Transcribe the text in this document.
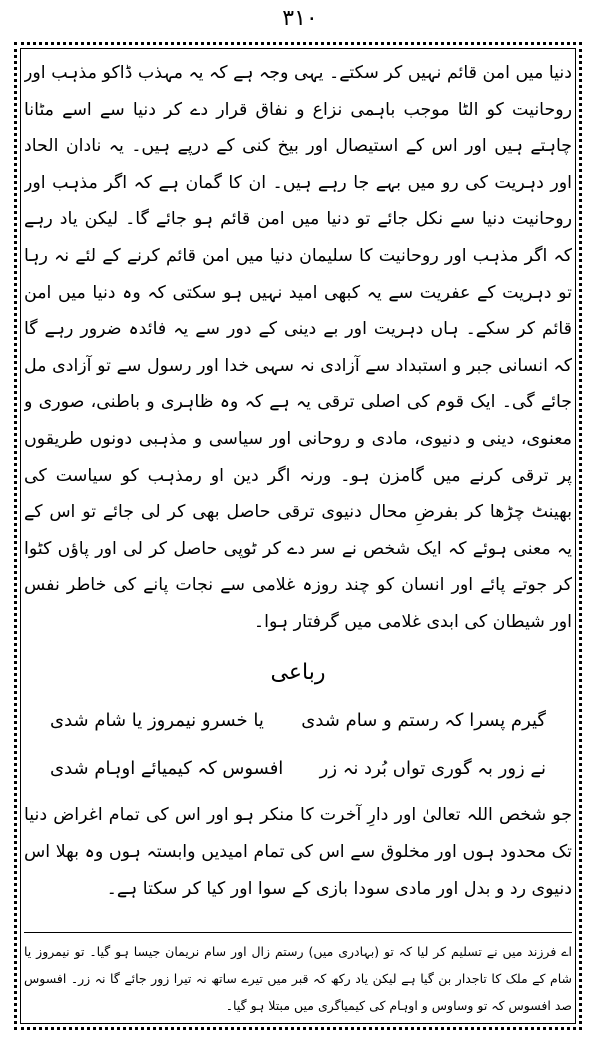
۳۱۰

دنیا میں امن قائم نہیں کر سکتے۔ یہی وجہ ہے کہ یہ مہذب ڈاکو مذہب اور روحانیت کو الٹا موجب باہمی نزاع و نفاق قرار دے کر دنیا سے اسے مٹانا چاہتے ہیں اور اس کے استیصال اور بیخ کنی کے درپے ہیں۔ یہ نادان الحاد اور دہریت کی رو میں بہے جا رہے ہیں۔ ان کا گمان ہے کہ اگر مذہب اور روحانیت دنیا سے نکل جائے تو دنیا میں امن قائم ہو جائے گا۔ لیکن یاد رہے کہ اگر مذہب اور روحانیت کا سلیمان دنیا میں امن قائم کرنے کے لئے نہ رہا تو دہریت کے عفریت سے یہ کبھی امید نہیں ہو سکتی کہ وہ دنیا میں امن قائم کر سکے۔ ہاں دہریت اور بے دینی کے دور سے یہ فائدہ ضرور رہے گا کہ انسانی جبر و استبداد سے آزادی نہ سہی خدا اور رسول سے تو آزادی مل جائے گی۔ ایک قوم کی اصلی ترقی یہ ہے کہ وہ ظاہری و باطنی، صوری و معنوی، دینی و دنیوی، مادی و روحانی اور سیاسی و مذہبی دونوں طریقوں پر ترقی کرنے میں گامزن ہو۔ ورنہ اگر دین او رمذہب کو سیاست کی بھینٹ چڑھا کر بفرضِ محال دنیوی ترقی حاصل بھی کر لی جائے تو اس کے یہ معنی ہوئے کہ ایک شخص نے سر دے کر ٹوپی حاصل کر لی اور پاؤں کٹوا کر جوتے پائے اور انسان کو چند روزہ غلامی سے نجات پانے کی خاطر نفس اور شیطان کی ابدی غلامی میں گرفتار ہوا۔

رباعی
گیرم پسرا کہ رستم و سام شدی
یا خسرو نیمروز یا شام شدی
نے زور بہ گوری تواں بُرد نہ زر
افسوس کہ کیمیائے اوہام شدی

جو شخص اللہ تعالیٰ اور دارِ آخرت کا منکر ہو اور اس کی تمام اغراض دنیا تک محدود ہوں اور مخلوق سے اس کی تمام امیدیں وابستہ ہوں وہ بھلا اس دنیوی رد و بدل اور مادی سودا بازی کے سوا اور کیا کر سکتا ہے۔

اے فرزند میں نے تسلیم کر لیا کہ تو (بہادری میں) رستم زال اور سام نریمان جیسا ہو گیا۔ تو نیمروز یا شام کے ملک کا تاجدار بن گیا ہے لیکن یاد رکھ کہ قبر میں تیرے ساتھ نہ تیرا زور جائے گا نہ زر۔ افسوس صد افسوس کہ تو وساوس و اوہام کی کیمیاگری میں مبتلا ہو گیا۔
